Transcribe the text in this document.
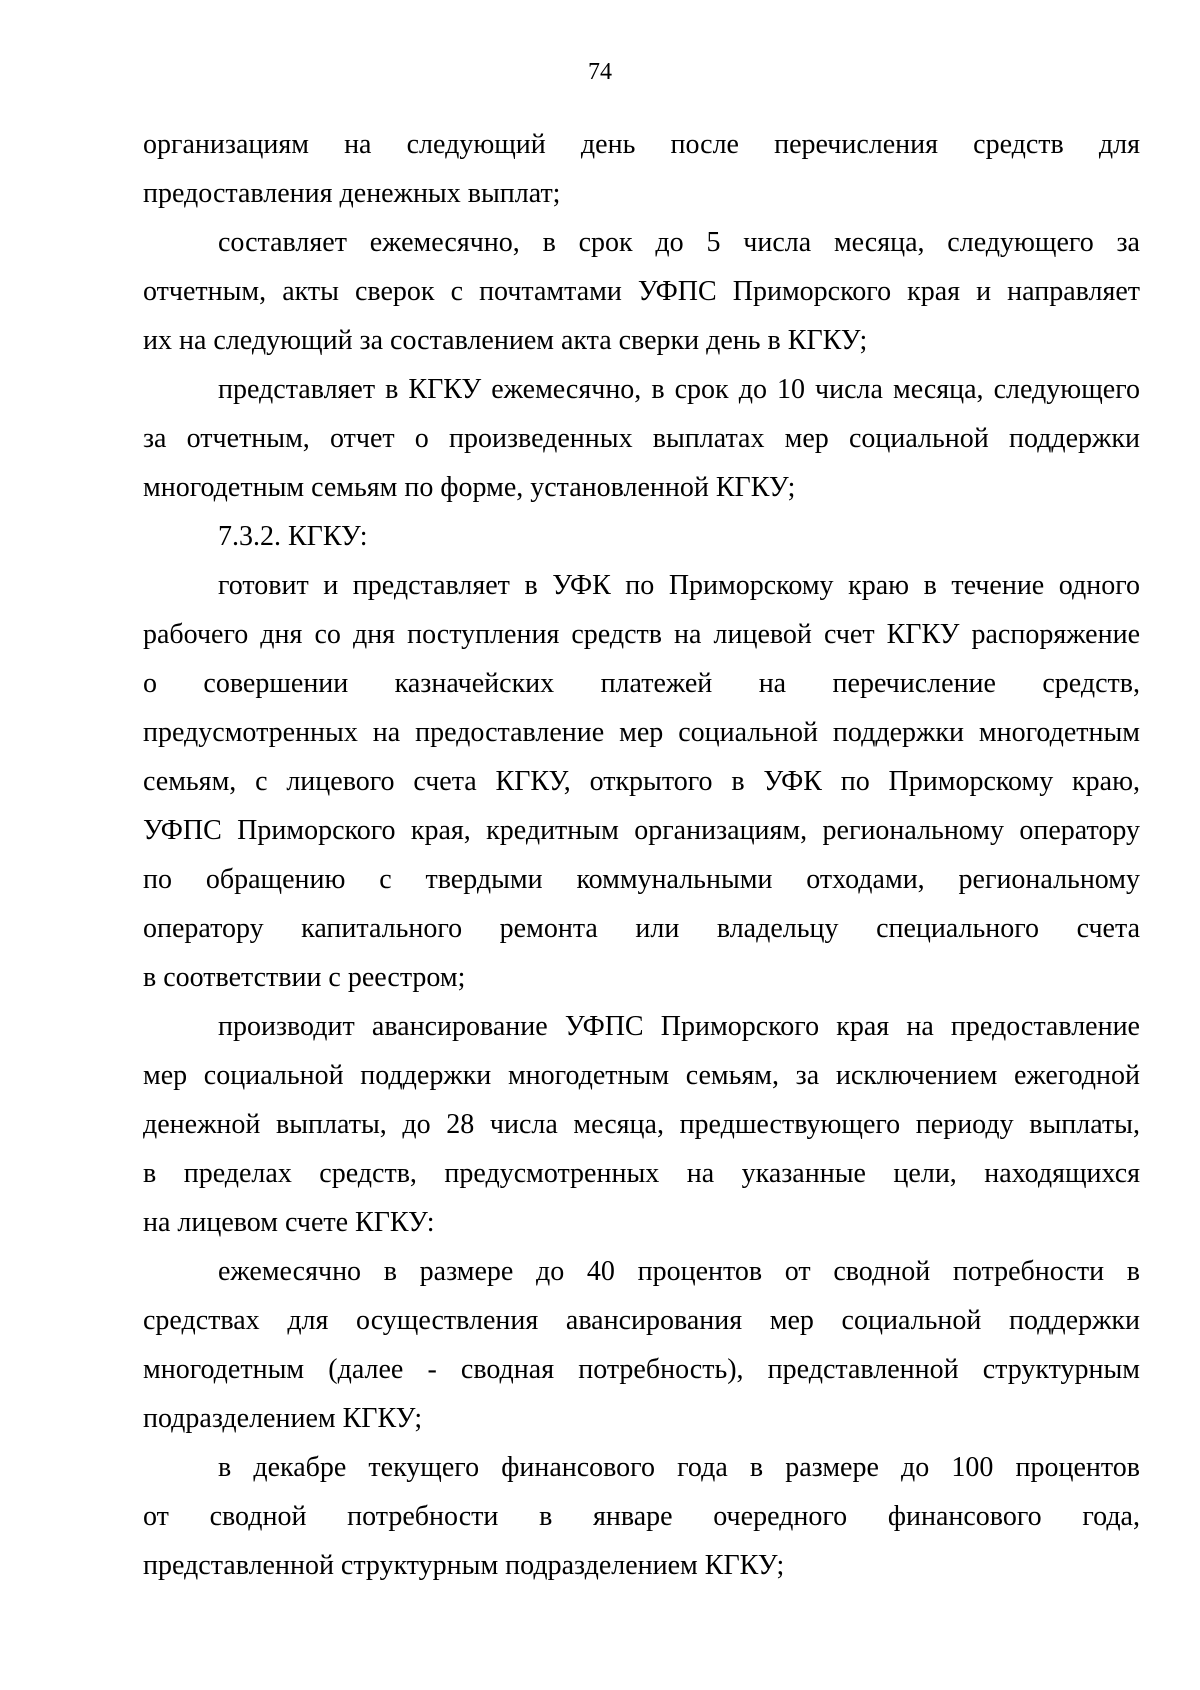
74
организациям на следующий день после перечисления средств для
предоставления денежных выплат;
составляет ежемесячно, в срок до 5 числа месяца, следующего за
отчетным, акты сверок с почтамтами УФПС Приморского края и направляет
их на следующий за составлением акта сверки день в КГКУ;
представляет в КГКУ ежемесячно, в срок до 10 числа месяца, следующего
за отчетным, отчет о произведенных выплатах мер социальной поддержки
многодетным семьям по форме, установленной КГКУ;
7.3.2. КГКУ:
готовит и представляет в УФК по Приморскому краю в течение одного
рабочего дня со дня поступления средств на лицевой счет КГКУ распоряжение
о совершении казначейских платежей на перечисление средств,
предусмотренных на предоставление мер социальной поддержки многодетным
семьям, с лицевого счета КГКУ, открытого в УФК по Приморскому краю,
УФПС Приморского края, кредитным организациям, региональному оператору
по обращению с твердыми коммунальными отходами, региональному
оператору капитального ремонта или владельцу специального счета
в соответствии с реестром;
производит авансирование УФПС Приморского края на предоставление
мер социальной поддержки многодетным семьям, за исключением ежегодной
денежной выплаты, до 28 числа месяца, предшествующего периоду выплаты,
в пределах средств, предусмотренных на указанные цели, находящихся
на лицевом счете КГКУ:
ежемесячно в размере до 40 процентов от сводной потребности в
средствах для осуществления авансирования мер социальной поддержки
многодетным (далее - сводная потребность), представленной структурным
подразделением КГКУ;
в декабре текущего финансового года в размере до 100 процентов
от сводной потребности в январе очередного финансового года,
представленной структурным подразделением КГКУ;
